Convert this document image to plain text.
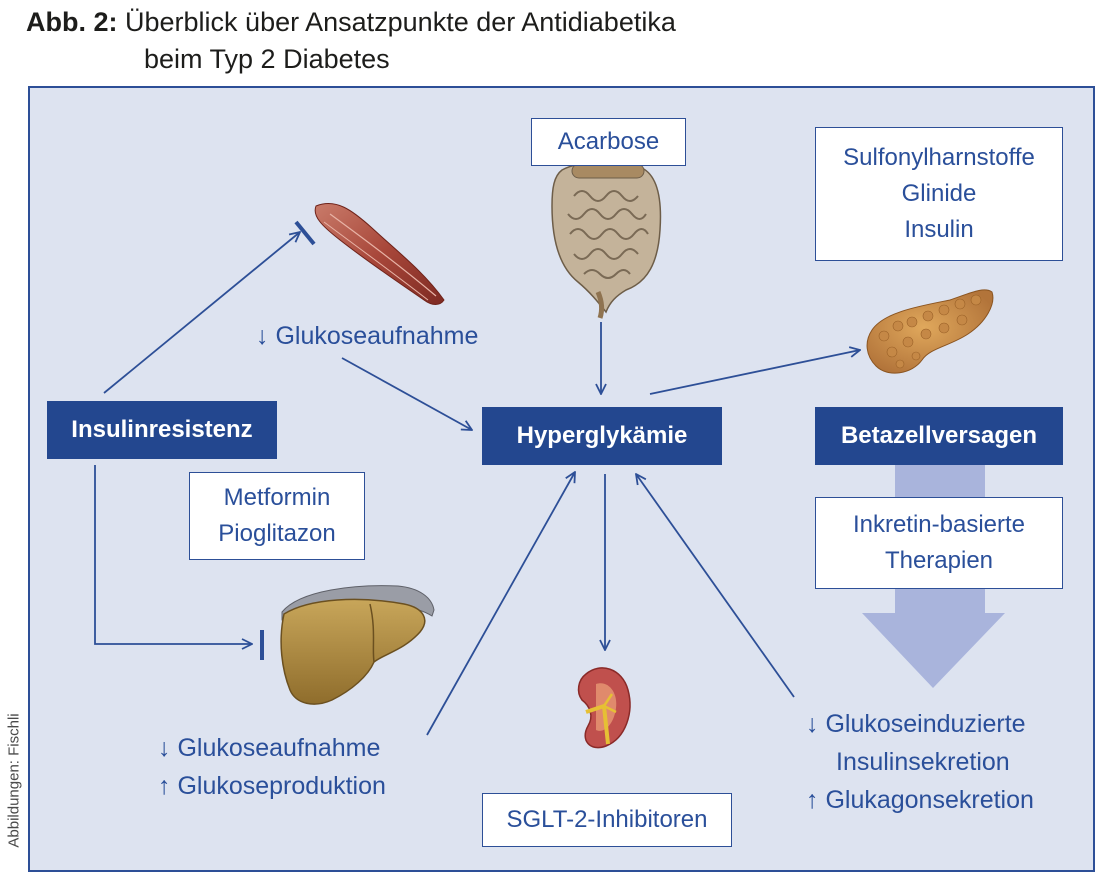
Abb. 2: Überblick über Ansatzpunkte der Antidiabetika
beim Typ 2 Diabetes
Abbildungen: Fischli
Insulinresistenz	Hyperglykämie	Betazellversagen
Acarbose
Sulfonylharnstoffe
Glinide
Insulin
Metformin
Pioglitazon	Inkretin-basierte
Therapien
SGLT-2-Inhibitoren
↓ Glukoseaufnahme
↓ Glukoseaufnahme
↑ Glukoseproduktion
↓ Glukoseinduzierte
Insulinsekretion
↑ Glukagonsekretion
